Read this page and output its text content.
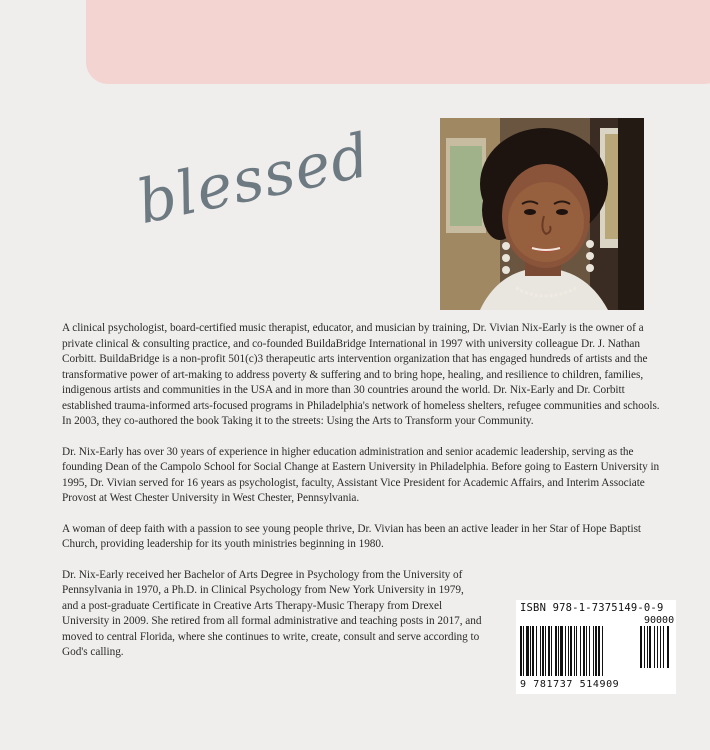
blessed

A clinical psychologist, board-certified music therapist, educator, and musician by training, Dr. Vivian Nix-Early is the owner of a private clinical & consulting practice, and co-founded BuildaBridge International in 1997 with university colleague Dr. J. Nathan Corbitt. BuildaBridge is a non-profit 501(c)3 therapeutic arts intervention organization that has engaged hundreds of artists and the transformative power of art-making to address poverty & suffering and to bring hope, healing, and resilience to children, families, indigenous artists and communities in the USA and in more than 30 countries around the world. Dr. Nix-Early and Dr. Corbitt established trauma-informed arts-focused programs in Philadelphia's network of homeless shelters, refugee communities and schools. In 2003, they co-authored the book Taking it to the streets: Using the Arts to Transform your Community.

Dr. Nix-Early has over 30 years of experience in higher education administration and senior academic leadership, serving as the founding Dean of the Campolo School for Social Change at Eastern University in Philadelphia. Before going to Eastern University in 1995, Dr. Vivian served for 16 years as psychologist, faculty, Assistant Vice President for Academic Affairs, and Interim Associate Provost at West Chester University in West Chester, Pennsylvania.

A woman of deep faith with a passion to see young people thrive, Dr. Vivian has been an active leader in her Star of Hope Baptist Church, providing leadership for its youth ministries beginning in 1980.

Dr. Nix-Early received her Bachelor of Arts Degree in Psychology from the University of Pennsylvania in 1970, a Ph.D. in Clinical Psychology from New York University in 1979, and a post-graduate Certificate in Creative Arts Therapy-Music Therapy from Drexel University in 2009. She retired from all formal administrative and teaching posts in 2017, and moved to central Florida, where she continues to write, create, consult and serve according to God's calling.

ISBN 978-1-7375149-0-9
90000
9 781737 514909
